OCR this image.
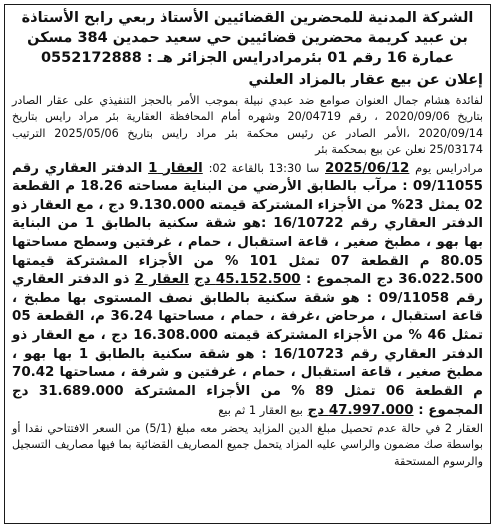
الشركة المدنية للمحضرين القضائيين الأستاذ ربعي رابح الأستاذة
بن عبيد كريمة محضرين قضائيين حي سعيد حمدين 384 مسكن
عمارة 16 رقم 01 بئرمرادرايس الجزائر هـ : 0552172888

إعلان عن بيع عقار بالمزاد العلني

لفائدة هشام جمال العنوان صوامع ضد عبدي نبيلة بموجب الأمر بالحجز التنفيذي على عقار الصادر بتاريخ 2020/09/06 ، رقم 20/04719 وشهره أمام المحافظة العقارية بئر مراد رايس بتاريخ 2020/09/14 ،الأمر الصادر عن رئيس محكمة بئر مراد رايس بتاريخ 2025/05/06 الترتيب 25/03174 نعلن عن بيع بمحكمة بئر

مرادرايس يوم 2025/06/12 سا 13:30 بالقاعة 02: العقار 1 الدفتر العقاري رقم 09/11055 : مرآب بالطابق الأرضي من البناية مساحته 18.26 م القطعة 02 يمثل 23% من الأجزاء المشتركة قيمته 9.130.000 دج ، مع العقار ذو الدفتر العقاري رقم 16/10722 :هو شقة سكنية بالطابق 1 من البناية بها بهو ، مطبخ صغير ، قاعة استقبال ، حمام ، غرفتين وسطح مساحتها 80.05 م القطعة 07 تمثل 101 % من الأجزاء المشتركة قيمتها 36.022.500 دج المجموع : 45.152.500 دج العقار 2 ذو الدفتر العقاري رقم 09/11058 : هو شقة سكنية بالطابق نصف المستوى بها مطبخ ، قاعة استقبال ، مرحاض ،غرفة ، حمام ، مساحتها 36.24 م، القطعة 05 تمثل 46 % من الأجزاء المشتركة قيمته 16.308.000 دج ، مع العقار ذو الدفتر العقاري رقم 16/10723 : هو شقة سكنية بالطابق 1 بها بهو ، مطبخ صغير ، قاعة استقبال ، حمام ، غرفتين و شرفة ، مساحتها 70.42 م القطعة 06 تمثل 89 % من الأجزاء المشتركة 31.689.000 دج المجموع : 47.997.000 دج بيع العقار 1 ثم بيع

العقار 2 في حالة عدم تحصيل مبلغ الدين المزايد يحضر معه مبلغ (5/1) من السعر الافتتاحي نقدا أو بواسطة صك مضمون والراسي عليه المزاد يتحمل جميع المصاريف القضائية بما فيها مصاريف التسجيل والرسوم المستحقة
